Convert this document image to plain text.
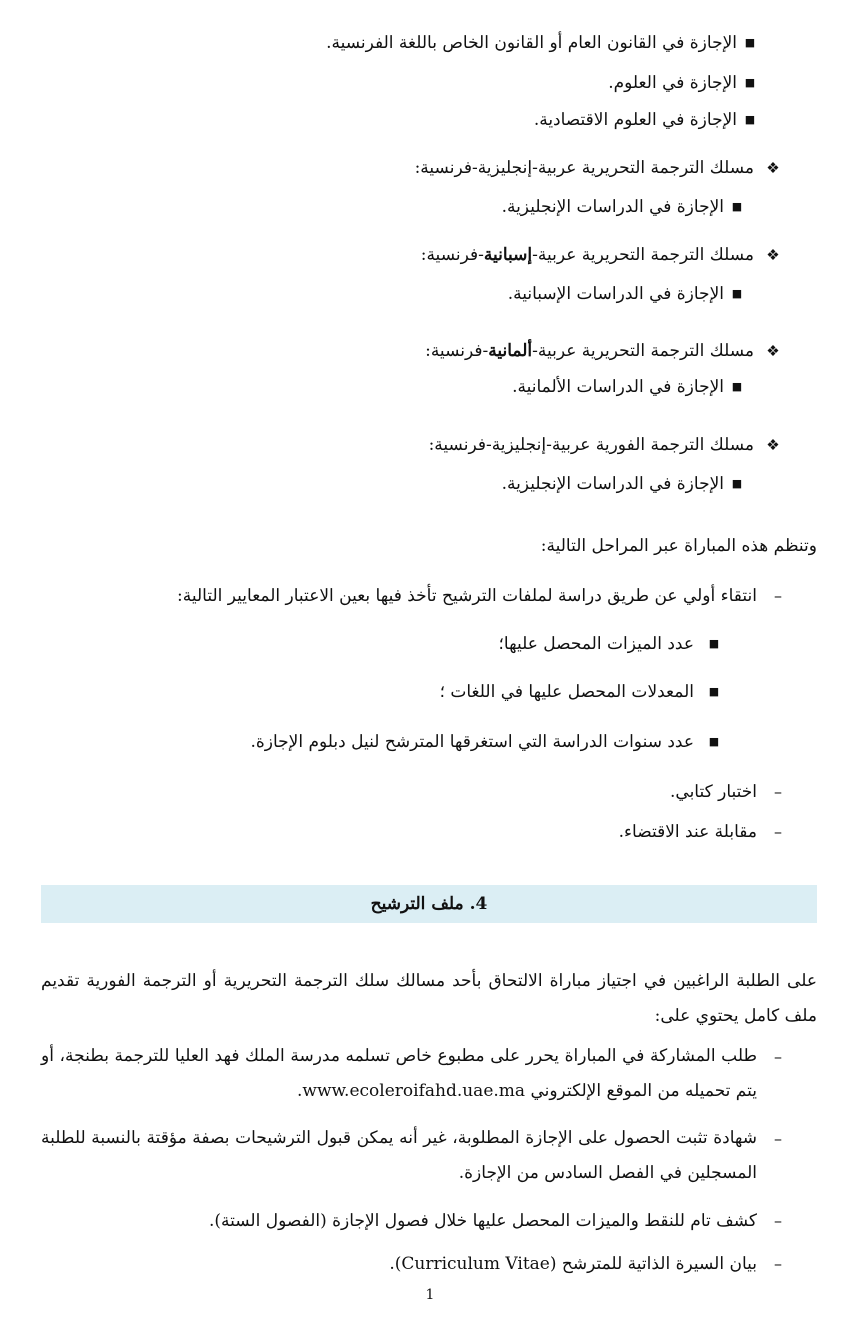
■
الإجازة في القانون العام أو القانون الخاص باللغة الفرنسية.
■
الإجازة في العلوم.
■
الإجازة في العلوم الاقتصادية.
❖
مسلك الترجمة التحريرية عربية-إنجليزية-فرنسية:
■
الإجازة في الدراسات الإنجليزية.
❖
مسلك الترجمة التحريرية عربية-إسبانية-فرنسية:
■
الإجازة في الدراسات الإسبانية.
❖
مسلك الترجمة التحريرية عربية-ألمانية-فرنسية:
■
الإجازة في الدراسات الألمانية.
❖
مسلك الترجمة الفورية عربية-إنجليزية-فرنسية:
■
الإجازة في الدراسات الإنجليزية.
وتنظم هذه المباراة عبر المراحل التالية:
–
انتقاء أولي عن طريق دراسة لملفات الترشيح تأخذ فيها بعين الاعتبار المعايير التالية:
■
عدد الميزات المحصل عليها؛
■
المعدلات المحصل عليها في اللغات ؛
■
عدد سنوات الدراسة التي استغرقها المترشح لنيل دبلوم الإجازة.
–
اختبار كتابي.
–
مقابلة عند الاقتضاء.
4. ملف الترشيح
على الطلبة الراغبين في اجتياز مباراة الالتحاق بأحد مسالك سلك الترجمة التحريرية أو الترجمة الفورية تقديم ملف كامل يحتوي على:
–
طلب المشاركة في المباراة يحرر على مطبوع خاص تسلمه مدرسة الملك فهد العليا للترجمة بطنجة، أو يتم تحميله من الموقع الإلكتروني www.ecoleroifahd.uae.ma.
–
شهادة تثبت الحصول على الإجازة المطلوبة، غير أنه يمكن قبول الترشيحات بصفة مؤقتة بالنسبة للطلبة المسجلين في الفصل السادس من الإجازة.
–
كشف تام للنقط والميزات المحصل عليها خلال فصول الإجازة (الفصول الستة).
–
بيان السيرة الذاتية للمترشح (Curriculum Vitae).
1
